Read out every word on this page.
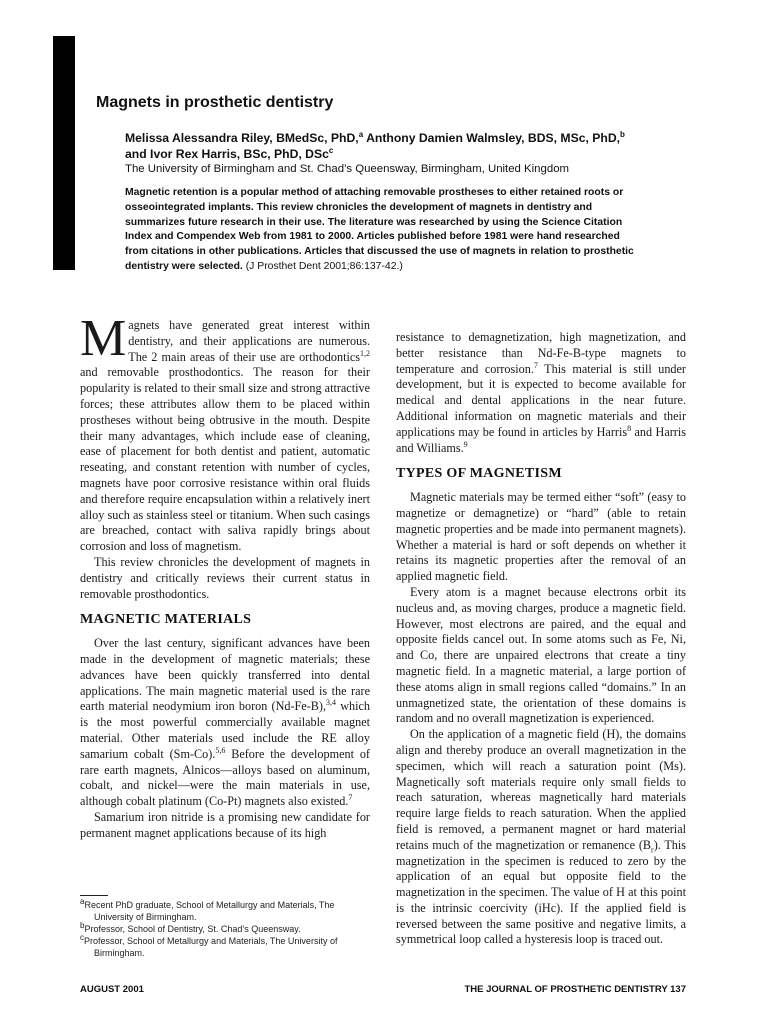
Magnets in prosthetic dentistry
Melissa Alessandra Riley, BMedSc, PhD,$^a$ Anthony Damien Walmsley, BDS, MSc, PhD,$^b$ and Ivor Rex Harris, BSc, PhD, DSc$^c$
The University of Birmingham and St. Chad’s Queensway, Birmingham, United Kingdom
Magnetic retention is a popular method of attaching removable prostheses to either retained roots or osseointegrated implants. This review chronicles the development of magnets in dentistry and summarizes future research in their use. The literature was researched by using the Science Citation Index and Compendex Web from 1981 to 2000. Articles published before 1981 were hand researched from citations in other publications. Articles that discussed the use of magnets in relation to prosthetic dentistry were selected. (J Prosthet Dent 2001;86:137-42.)

Magnets have generated great interest within dentistry, and their applications are numerous. The 2 main areas of their use are orthodontics$^{1,2}$ and removable prosthodontics. The reason for their popularity is related to their small size and strong attractive forces; these attributes allow them to be placed within prostheses without being obtrusive in the mouth. Despite their many advantages, which include ease of cleaning, ease of placement for both dentist and patient, automatic reseating, and constant retention with number of cycles, magnets have poor corrosive resistance within oral fluids and therefore require encapsulation within a relatively inert alloy such as stainless steel or titanium. When such casings are breached, contact with saliva rapidly brings about corrosion and loss of magnetism.

This review chronicles the development of magnets in dentistry and critically reviews their current status in removable prosthodontics.

MAGNETIC MATERIALS

Over the last century, significant advances have been made in the development of magnetic materials; these advances have been quickly transferred into dental applications. The main magnetic material used is the rare earth material neodymium iron boron (Nd-Fe-B),$^{3,4}$ which is the most powerful commercially available magnet material. Other materials used include the RE alloy samarium cobalt (Sm-Co).$^{5,6}$ Before the development of rare earth magnets, Alnicos—alloys based on aluminum, cobalt, and nickel—were the main materials in use, although cobalt platinum (Co-Pt) magnets also existed.$^7$

Samarium iron nitride is a promising new candidate for permanent magnet applications because of its high

resistance to demagnetization, high magnetization, and better resistance than Nd-Fe-B-type magnets to temperature and corrosion.$^7$ This material is still under development, but it is expected to become available for medical and dental applications in the near future. Additional information on magnetic materials and their applications may be found in articles by Harris$^8$ and Harris and Williams.$^9$

TYPES OF MAGNETISM

Magnetic materials may be termed either “soft” (easy to magnetize or demagnetize) or “hard” (able to retain magnetic properties and be made into permanent magnets). Whether a material is hard or soft depends on whether it retains its magnetic properties after the removal of an applied magnetic field.

Every atom is a magnet because electrons orbit its nucleus and, as moving charges, produce a magnetic field. However, most electrons are paired, and the equal and opposite fields cancel out. In some atoms such as Fe, Ni, and Co, there are unpaired electrons that create a tiny magnetic field. In a magnetic material, a large portion of these atoms align in small regions called “domains.” In an unmagnetized state, the orientation of these domains is random and no overall magnetization is experienced.

On the application of a magnetic field (H), the domains align and thereby produce an overall magnetization in the specimen, which will reach a saturation point (Ms). Magnetically soft materials require only small fields to reach saturation, whereas magnetically hard materials require large fields to reach saturation. When the applied field is removed, a permanent magnet or hard material retains much of the magnetization or remanence $(B_r)$. This magnetization in the specimen is reduced to zero by the application of an equal but opposite field to the magnetization in the specimen. The value of H at this point is the intrinsic coercivity (iHc). If the applied field is reversed between the same positive and negative limits, a symmetrical loop called a hysteresis loop is traced out.

$^a$Recent PhD graduate, School of Metallurgy and Materials, The University of Birmingham.
$^b$Professor, School of Dentistry, St. Chad’s Queensway.
$^c$Professor, School of Metallurgy and Materials, The University of Birmingham.
AUGUST 2001	THE JOURNAL OF PROSTHETIC DENTISTRY 137
